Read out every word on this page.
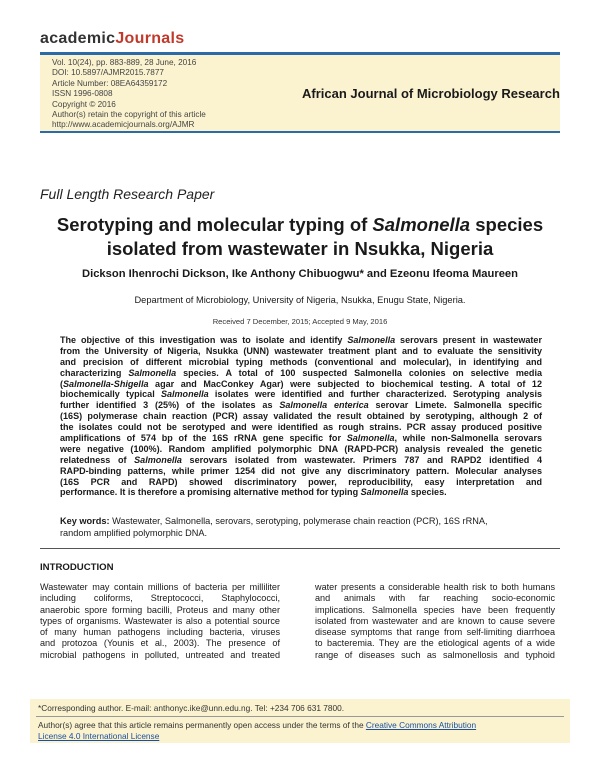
academicJournals
Vol. 10(24), pp. 883-889, 28 June, 2016
DOI: 10.5897/AJMR2015.7877
Article Number: 08EA64359172
ISSN 1996-0808
Copyright © 2016
Author(s) retain the copyright of this article
http://www.academicjournals.org/AJMR
African Journal of Microbiology Research
Full Length Research Paper
Serotyping and molecular typing of Salmonella species
isolated from wastewater in Nsukka, Nigeria
Dickson Ihenrochi Dickson, Ike Anthony Chibuogwu* and Ezeonu Ifeoma Maureen
Department of Microbiology, University of Nigeria, Nsukka, Enugu State, Nigeria.
Received 7 December, 2015; Accepted 9 May, 2016
The objective of this investigation was to isolate and identify Salmonella serovars present in wastewater
from the University of Nigeria, Nsukka (UNN) wastewater treatment plant and to evaluate the sensitivity
and precision of different microbial typing methods (conventional and molecular), in identifying and
characterizing Salmonella species. A total of 100 suspected Salmonella colonies on selective media
(Salmonella-Shigella agar and MacConkey Agar) were subjected to biochemical testing. A total of 12
biochemically typical Salmonella isolates were identified and further characterized. Serotyping analysis
further identified 3 (25%) of the isolates as Salmonella enterica serovar Limete. Salmonella specific
(16S) polymerase chain reaction (PCR) assay validated the result obtained by serotyping, although 2 of
the isolates could not be serotyped and were identified as rough strains. PCR assay produced positive
amplifications of 574 bp of the 16S rRNA gene specific for Salmonella, while non-Salmonella serovars
were negative (100%). Random amplified polymorphic DNA (RAPD-PCR) analysis revealed the genetic
relatedness of Salmonella serovars isolated from wastewater. Primers 787 and RAPD2 identified 4
RAPD-binding patterns, while primer 1254 did not give any discriminatory pattern. Molecular analyses
(16S PCR and RAPD) showed discriminatory power, reproducibility, easy interpretation and
performance. It is therefore a promising alternative method for typing Salmonella species.
Key words: Wastewater, Salmonella, serovars, serotyping, polymerase chain reaction (PCR), 16S rRNA,
random amplified polymorphic DNA.
INTRODUCTION
Wastewater may contain millions of bacteria per milliliter
including coliforms, Streptococci, Staphylococci,
anaerobic spore forming bacilli, Proteus and many other
types of organisms. Wastewater is also a potential source
of many human pathogens including bacteria, viruses
and protozoa (Younis et al., 2003). The presence of
microbial pathogens in polluted, untreated and treated
water presents a considerable health risk to both humans
and animals with far reaching socio-economic
implications. Salmonella species have been frequently
isolated from wastewater and are known to cause severe
disease symptoms that range from self-limiting diarrhoea
to bacteremia. They are the etiological agents of a wide
range of diseases such as salmonellosis and typhoid
*Corresponding author. E-mail: anthonyc.ike@unn.edu.ng. Tel: +234 706 631 7800.
Author(s) agree that this article remains permanently open access under the terms of the Creative Commons Attribution
License 4.0 International License
